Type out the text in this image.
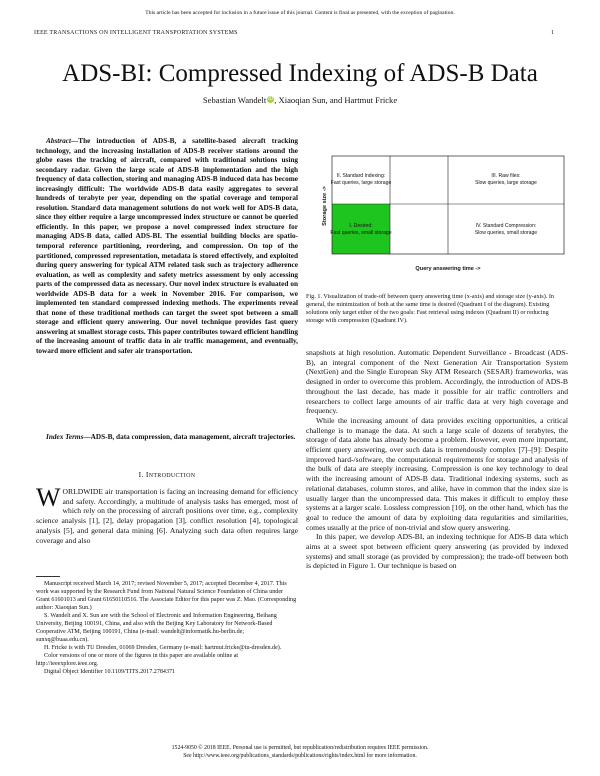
This article has been accepted for inclusion in a future issue of this journal. Content is final as presented, with the exception of pagination.
IEEE TRANSACTIONS ON INTELLIGENT TRANSPORTATION SYSTEMS	1
ADS-BI: Compressed Indexing of ADS-B Data
Sebastian Wandelt iD, Xiaoqian Sun, and Hartmut Fricke
Abstract—The introduction of ADS-B, a satellite-based aircraft tracking technology, and the increasing installation of ADS-B receiver stations around the globe eases the tracking of aircraft, compared with traditional solutions using secondary radar. Given the large scale of ADS-B implementation and the high frequency of data collection, storing and managing ADS-B induced data has become increasingly difficult: The worldwide ADS-B data easily aggregates to several hundreds of terabyte per year, depending on the spatial coverage and temporal resolution. Standard data management solutions do not work well for ADS-B data, since they either require a large uncompressed index structure or cannot be queried efficiently. In this paper, we propose a novel compressed index structure for managing ADS-B data, called ADS-BI. The essential building blocks are spatio-temporal reference partitioning, reordering, and compression. On top of the partitioned, compressed representation, metadata is stored effectively, and exploited during query answering for typical ATM related task such as trajectory adherence evaluation, as well as complexity and safety metrics assessment by only accessing parts of the compressed data as necessary. Our novel index structure is evaluated on worldwide ADS-B data for a week in November 2016. For comparison, we implemented ten standard compressed indexing methods. The experiments reveal that none of these traditional methods can target the sweet spot between a small storage and efficient query answering. Our novel technique provides fast query answering at smallest storage costs. This paper contributes toward efficient handling of the increasing amount of traffic data in air traffic management, and eventually, toward more efficient and safer air transportation.
Index Terms—ADS-B, data compression, data management, aircraft trajectories.
I. INTRODUCTION
WORLDWIDE air transportation is facing an increasing demand for efficiency and safety. Accordingly, a multitude of analysis tasks has emerged, most of which rely on the processing of aircraft positions over time, e.g., complexity science analysis [1], [2], delay propagation [3], conflict resolution [4], topological analysis [5], and general data mining [6]. Analyzing such data often requires large coverage and also

Manuscript received March 14, 2017; revised November 5, 2017; accepted December 4, 2017. This work was supported by the Research Fund from National Natural Science Foundation of China under Grant 61601013 and Grant 61650110516. The Associate Editor for this paper was Z. Mao. (Corresponding author: Xiaoqian Sun.)

S. Wandelt and X. Sun are with the School of Electronic and Information Engineering, Beihang University, Beijing 100191, China, and also with the Beijing Key Laboratory for Network-Based Cooperative ATM, Beijing 100191, China (e-mail: wandelt@informatik.hu-berlin.de; sunxq@buaa.edu.cn).

H. Fricke is with TU Dresden, 01069 Dresden, Germany (e-mail: hartmut.fricke@tu-dresden.de).

Color versions of one or more of the figures in this paper are available online at http://ieeexplore.ieee.org.

Digital Object Identifier 10.1109/TITS.2017.2784371

II. Standard Indexing:
Fast queries, large storage
III. Raw files:
Slow queries, large storage
I. Desired:
Fast queries, small storage
IV. Standard Compression:
Slow queries, small storage
Storage size ->
Query answering time ->
Fig. 1. Visualization of trade-off between query answering time (x-axis) and storage size (y-axis). In general, the minimization of both at the same time is desired (Quadrant I of the diagram). Existing solutions only target either of the two goals: Fast retrieval using indexes (Quadrant II) or reducing storage with compression (Quadrant IV).

snapshots at high resolution. Automatic Dependent Surveillance - Broadcast (ADS-B), an integral component of the Next Generation Air Transportation System (NextGen) and the Single European Sky ATM Research (SESAR) frameworks, was designed in order to overcome this problem. Accordingly, the introduction of ADS-B throughout the last decade, has made it possible for air traffic controllers and researchers to collect large amounts of air traffic data at very high coverage and frequency.

While the increasing amount of data provides exciting opportunities, a critical challenge is to manage the data. At such a large scale of dozens of terabytes, the storage of data alone has already become a problem. However, even more important, efficient query answering, over such data is tremendously complex [7]–[9]: Despite improved hard-/software, the computational requirements for storage and analysis of the bulk of data are steeply increasing. Compression is one key technology to deal with the increasing amount of ADS-B data. Traditional indexing systems, such as relational databases, column stores, and alike, have in common that the index size is usually larger than the uncompressed data. This makes it difficult to employ these systems at a larger scale. Lossless compression [10], on the other hand, which has the goal to reduce the amount of data by exploiting data regularities and similarities, comes usually at the price of non-trivial and slow query answering.

In this paper, we develop ADS-BI, an indexing technique for ADS-B data which aims at a sweet spot between efficient query answering (as provided by indexed systems) and small storage (as provided by compression); the trade-off between both is depicted in Figure 1. Our technique is based on

1524-9050 © 2018 IEEE. Personal use is permitted, but republication/redistribution requires IEEE permission.
See http://www.ieee.org/publications_standards/publications/rights/index.html for more information.
